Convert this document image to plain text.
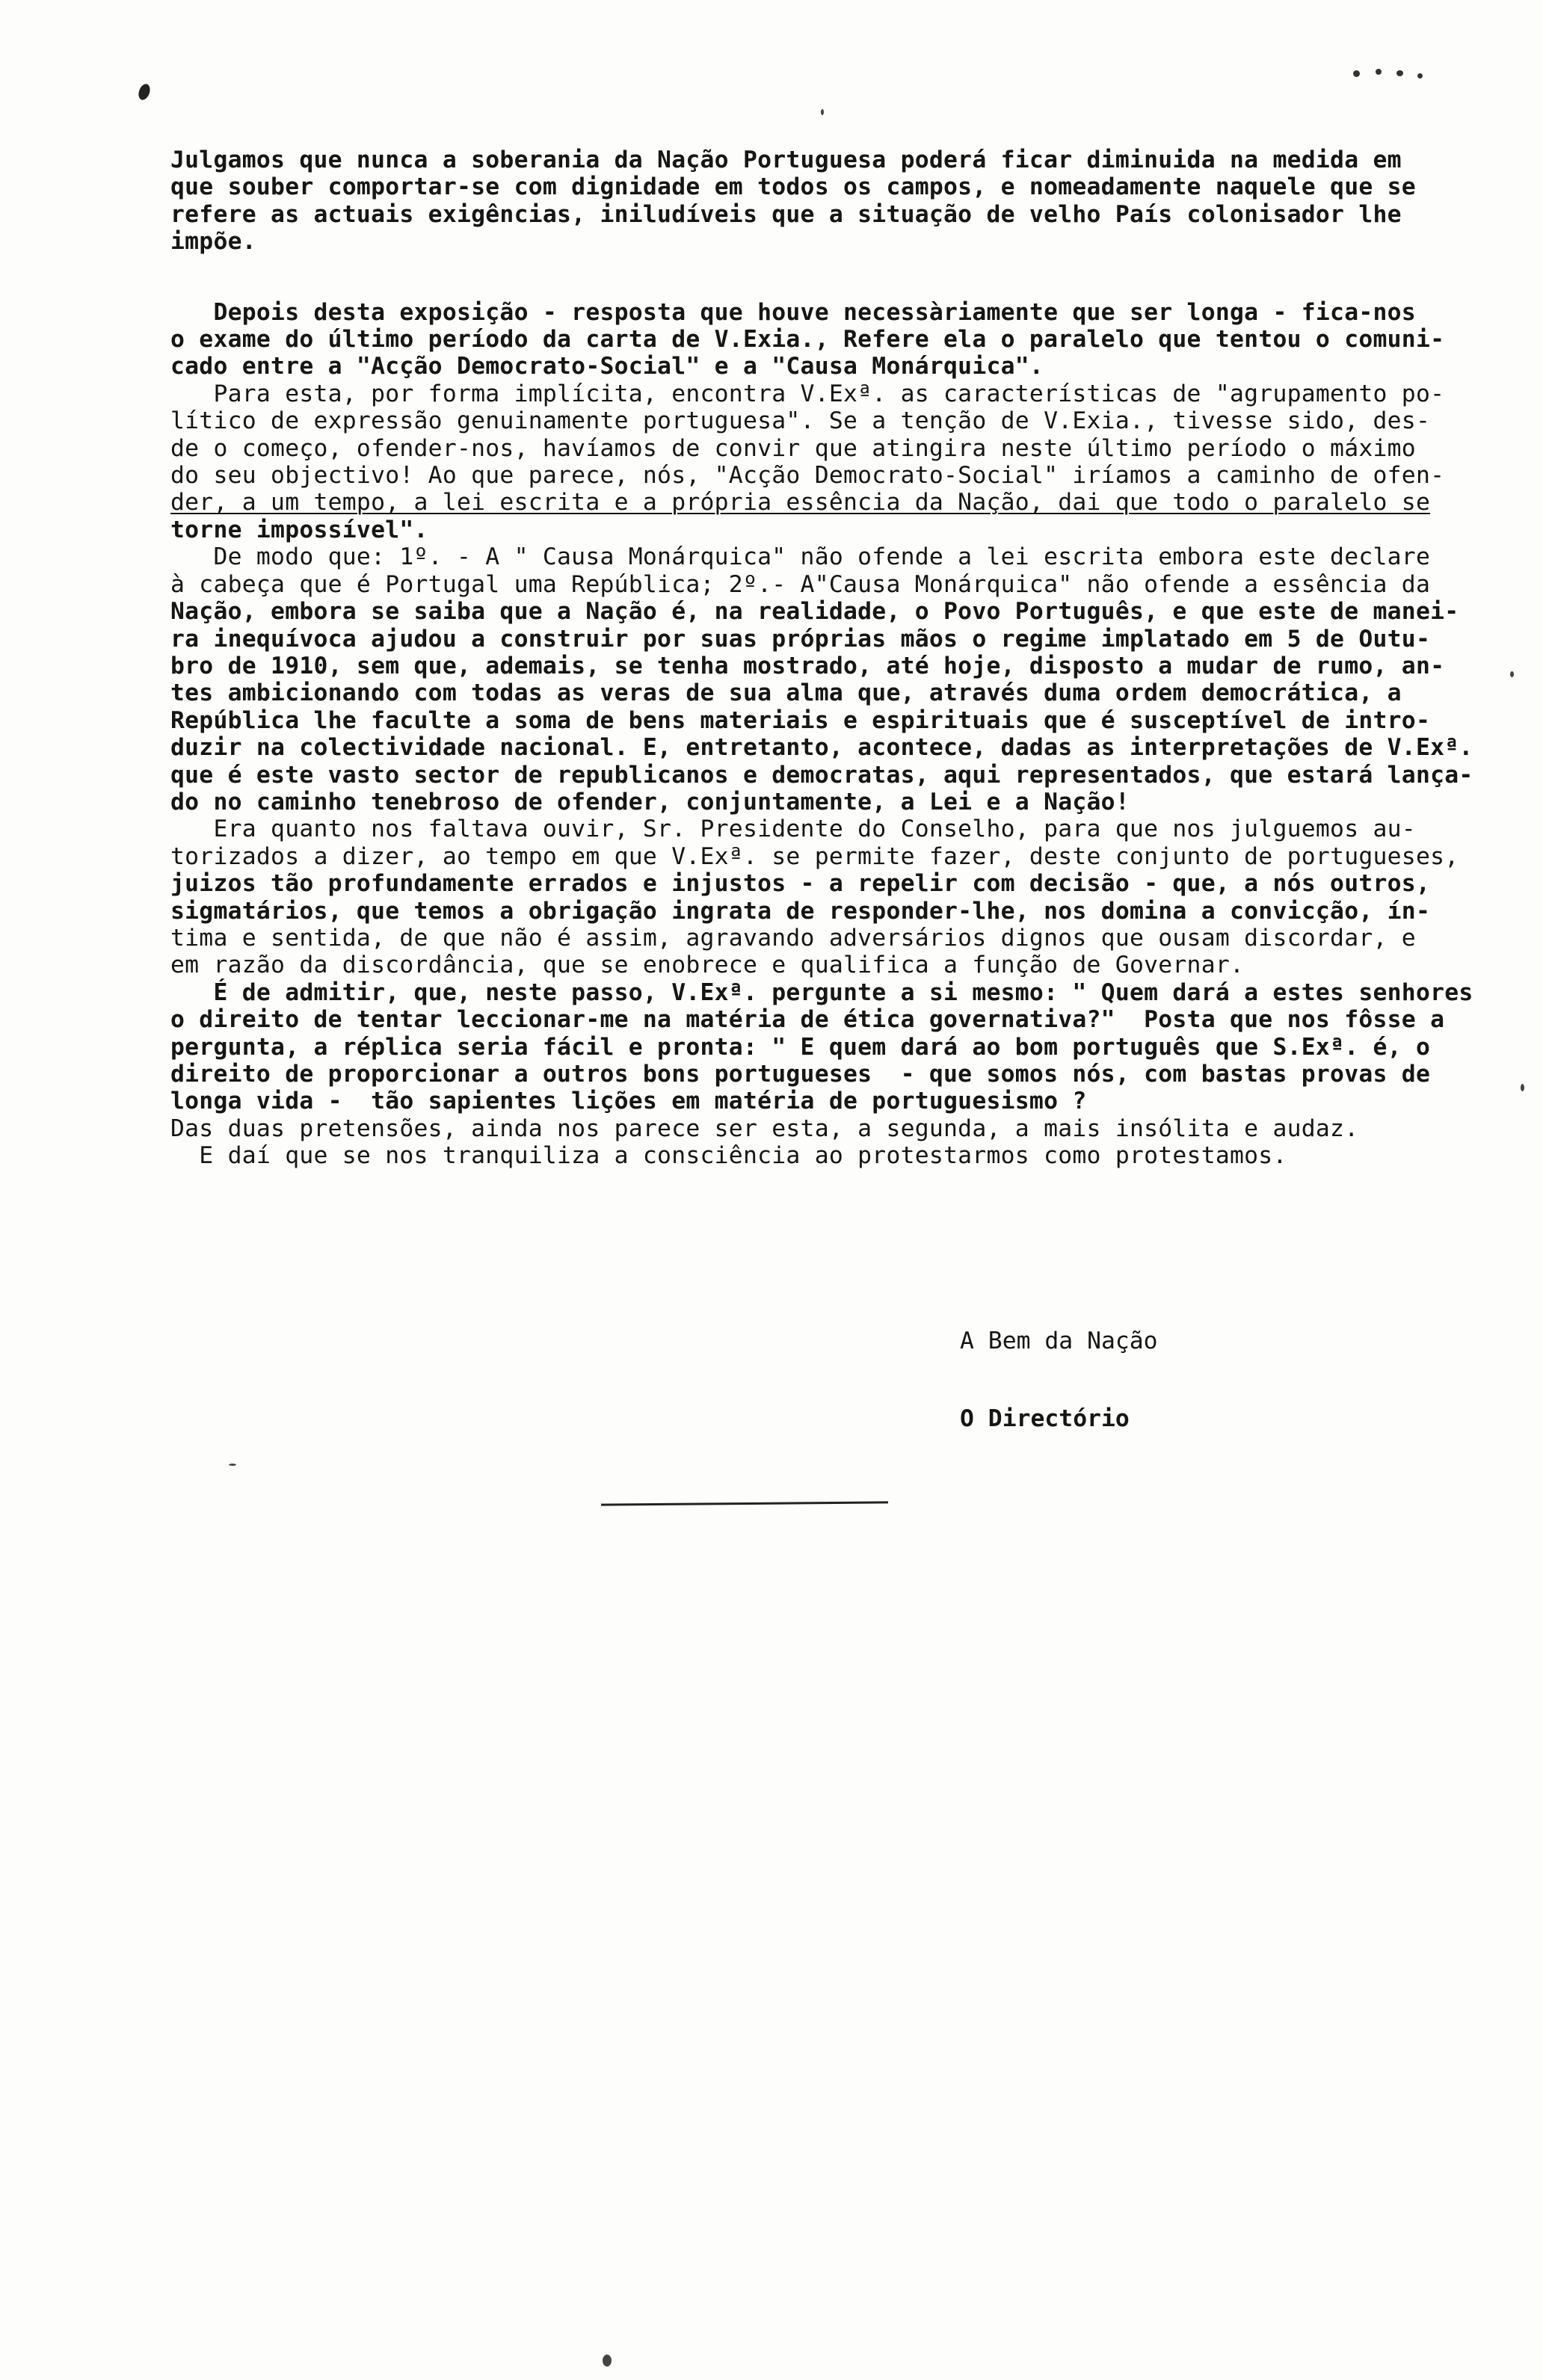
Julgamos que nunca a soberania da Nação Portuguesa poderá ficar diminuida na medida em
que souber comportar-se com dignidade em todos os campos, e nomeadamente naquele que se
refere as actuais exigências, iniludíveis que a situação de velho País colonisador lhe
impõe.

Depois desta exposição - resposta que houve necessàriamente que ser longa - fica-nos
o exame do último período da carta de V.Exia., Refere ela o paralelo que tentou o comuni-
cado entre a "Acção Democrato-Social" e a "Causa Monárquica".

Para esta, por forma implícita, encontra V.Exª. as características de "agrupamento po-
lítico de expressão genuinamente portuguesa". Se a tenção de V.Exia., tivesse sido, des-
de o começo, ofender-nos, havíamos de convir que atingira neste último período o máximo
do seu objectivo! Ao que parece, nós, "Acção Democrato-Social" iríamos a caminho de ofen-
der, a um tempo, a lei escrita e a própria essência da Nação, dai que todo o paralelo se
torne impossível".
De modo que: 1º. - A " Causa Monárquica" não ofende a lei escrita embora este declare
à cabeça que é Portugal uma República; 2º.- A"Causa Monárquica" não ofende a essência da
Nação, embora se saiba que a Nação é, na realidade, o Povo Português, e que este de manei-
ra inequívoca ajudou a construir por suas próprias mãos o regime implatado em 5 de Outu-
bro de 1910, sem que, ademais, se tenha mostrado, até hoje, disposto a mudar de rumo, an-
tes ambicionando com todas as veras de sua alma que, através duma ordem democrática, a
República lhe faculte a soma de bens materiais e espirituais que é susceptível de intro-
duzir na colectividade nacional. E, entretanto, acontece, dadas as interpretações de V.Exª.
que é este vasto sector de republicanos e democratas, aqui representados, que estará lança-
do no caminho tenebroso de ofender, conjuntamente, a Lei e a Nação!
Era quanto nos faltava ouvir, Sr. Presidente do Conselho, para que nos julguemos au-
torizados a dizer, ao tempo em que V.Exª. se permite fazer, deste conjunto de portugueses,
juizos tão profundamente errados e injustos - a repelir com decisão - que, a nós outros,
sigmatários, que temos a obrigação ingrata de responder-lhe, nos domina a convicção, ín-
tima e sentida, de que não é assim, agravando adversários dignos que ousam discordar, e
em razão da discordância, que se enobrece e qualifica a função de Governar.
É de admitir, que, neste passo, V.Exª. pergunte a si mesmo: " Quem dará a estes senhores
o direito de tentar leccionar-me na matéria de ética governativa?"  Posta que nos fôsse a
pergunta, a réplica seria fácil e pronta: " E quem dará ao bom português que S.Exª. é, o
direito de proporcionar a outros bons portugueses  - que somos nós, com bastas provas de
longa vida -  tão sapientes lições em matéria de portuguesismo ?
Das duas pretensões, ainda nos parece ser esta, a segunda, a mais insólita e audaz.
E daí que se nos tranquiliza a consciência ao protestarmos como protestamos.

A Bem da Nação
O Directório
